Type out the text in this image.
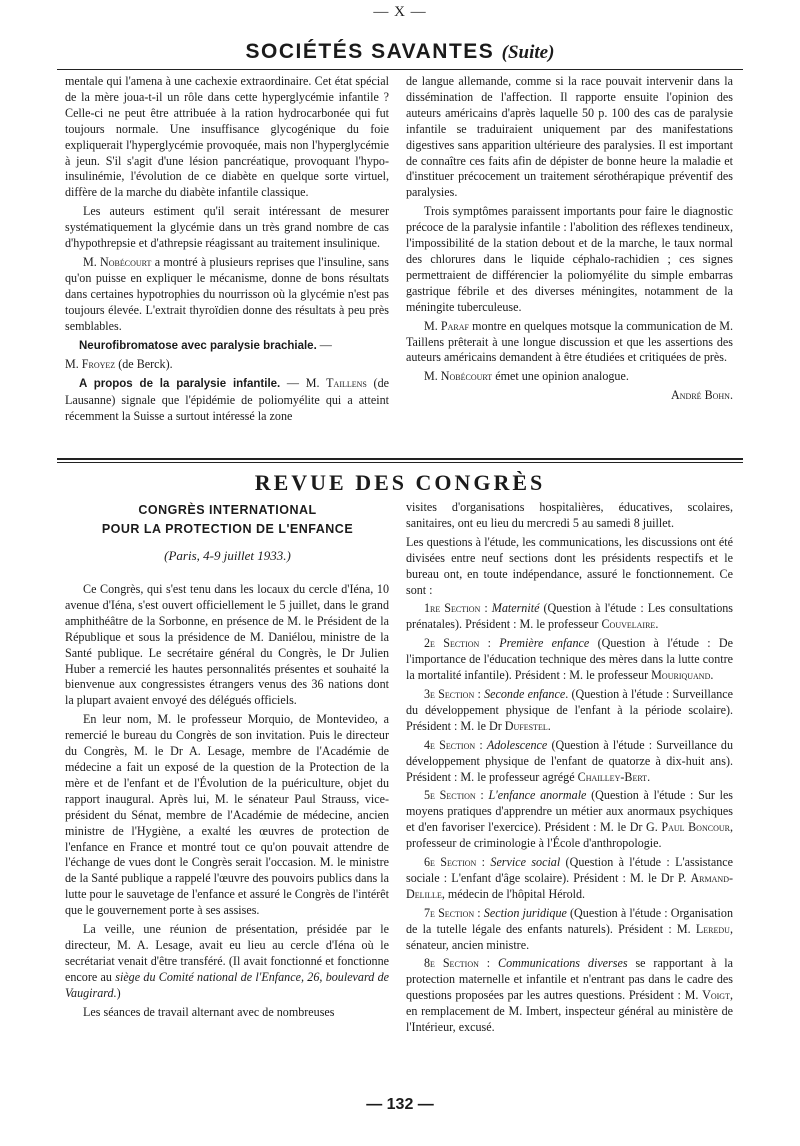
— X —
SOCIÉTÉS SAVANTES (Suite)

mentale qui l'amena à une cachexie extraordinaire. Cet état spécial de la mère joua-t-il un rôle dans cette hyperglycémie infantile ? Celle-ci ne peut être attribuée à la ration hydrocarbonée qui fut toujours normale. Une insuffisance glycogénique du foie expliquerait l'hyperglycémie provoquée, mais non l'hyperglycémie à jeun. S'il s'agit d'une lésion pancréatique, provoquant l'hypo-insulinémie, l'évolution de ce diabète en quelque sorte virtuel, diffère de la marche du diabète infantile classique.

Les auteurs estiment qu'il serait intéressant de mesurer systématiquement la glycémie dans un très grand nombre de cas d'hypothrepsie et d'athrepsie réagissant au traitement insulinique.

M. Nobécourt a montré à plusieurs reprises que l'insuline, sans qu'on puisse en expliquer le mécanisme, donne de bons résultats dans certaines hypotrophies du nourrisson où la glycémie n'est pas toujours élevée. L'extrait thyroïdien donne des résultats à peu près semblables.

Neurofibromatose avec paralysie brachiale. —

M. Froyez (de Berck).

A propos de la paralysie infantile. — M. Taillens (de Lausanne) signale que l'épidémie de poliomyélite qui a atteint récemment la Suisse a surtout intéressé la zone

de langue allemande, comme si la race pouvait intervenir dans la dissémination de l'affection. Il rapporte ensuite l'opinion des auteurs américains d'après laquelle 50 p. 100 des cas de paralysie infantile se traduiraient uniquement par des manifestations digestives sans apparition ultérieure des paralysies. Il est important de connaître ces faits afin de dépister de bonne heure la maladie et d'instituer précocement un traitement sérothérapique préventif des paralysies.

Trois symptômes paraissent importants pour faire le diagnostic précoce de la paralysie infantile : l'abolition des réflexes tendineux, l'impossibilité de la station debout et de la marche, le taux normal des chlorures dans le liquide céphalo-rachidien ; ces signes permettraient de différencier la poliomyélite du simple embarras gastrique fébrile et des diverses méningites, notamment de la méningite tuberculeuse.

M. Paraf montre en quelques motsque la communication de M. Taillens prêterait à une longue discussion et que les assertions des auteurs américains demandent à être étudiées et critiquées de près.

M. Nobécourt émet une opinion analogue.

André Bohn.

REVUE DES CONGRÈS
CONGRÈS INTERNATIONAL
POUR LA PROTECTION DE L'ENFANCE
(Paris, 4-9 juillet 1933.)

Ce Congrès, qui s'est tenu dans les locaux du cercle d'Iéna, 10 avenue d'Iéna, s'est ouvert officiellement le 5 juillet, dans le grand amphithéâtre de la Sorbonne, en présence de M. le Président de la République et sous la présidence de M. Daniélou, ministre de la Santé publique. Le secrétaire général du Congrès, le Dr Julien Huber a remercié les hautes personnalités présentes et souhaité la bienvenue aux congressistes étrangers venus des 36 nations dont la plupart avaient envoyé des délégués officiels.

En leur nom, M. le professeur Morquio, de Montevideo, a remercié le bureau du Congrès de son invitation. Puis le directeur du Congrès, M. le Dr A. Lesage, membre de l'Académie de médecine a fait un exposé de la question de la Protection de la mère et de l'enfant et de l'Évolution de la puériculture, objet du rapport inaugural. Après lui, M. le sénateur Paul Strauss, vice-président du Sénat, membre de l'Académie de médecine, ancien ministre de l'Hygiène, a exalté les œuvres de protection de l'enfance en France et montré tout ce qu'on pouvait attendre de l'échange de vues dont le Congrès serait l'occasion. M. le ministre de la Santé publique a rappelé l'œuvre des pouvoirs publics dans la lutte pour le sauvetage de l'enfance et assuré le Congrès de l'intérêt que le gouvernement porte à ses assises.

La veille, une réunion de présentation, présidée par le directeur, M. A. Lesage, avait eu lieu au cercle d'Iéna où le secrétariat venait d'être transféré. (Il avait fonctionné et fonctionne encore au siège du Comité national de l'Enfance, 26, boulevard de Vaugirard.)

Les séances de travail alternant avec de nombreuses

visites d'organisations hospitalières, éducatives, scolaires, sanitaires, ont eu lieu du mercredi 5 au samedi 8 juillet.

Les questions à l'étude, les communications, les discussions ont été divisées entre neuf sections dont les présidents respectifs et le bureau ont, en toute indépendance, assuré le fonctionnement. Ce sont :

1re Section : Maternité (Question à l'étude : Les consultations prénatales). Président : M. le professeur Couvelaire.

2e Section : Première enfance (Question à l'étude : De l'importance de l'éducation technique des mères dans la lutte contre la mortalité infantile). Président : M. le professeur Mouriquand.

3e Section : Seconde enfance. (Question à l'étude : Surveillance du développement physique de l'enfant à la période scolaire). Président : M. le Dr Dufestel.

4e Section : Adolescence (Question à l'étude : Surveillance du développement physique de l'enfant de quatorze à dix-huit ans). Président : M. le professeur agrégé Chailley-Bert.

5e Section : L'enfance anormale (Question à l'étude : Sur les moyens pratiques d'apprendre un métier aux anormaux psychiques et d'en favoriser l'exercice). Président : M. le Dr G. Paul Boncour, professeur de criminologie à l'École d'anthropologie.

6e Section : Service social (Question à l'étude : L'assistance sociale : L'enfant d'âge scolaire). Président : M. le Dr P. Armand-Delille, médecin de l'hôpital Hérold.

7e Section : Section juridique (Question à l'étude : Organisation de la tutelle légale des enfants naturels). Président : M. Leredu, sénateur, ancien ministre.

8e Section : Communications diverses se rapportant à la protection maternelle et infantile et n'entrant pas dans le cadre des questions proposées par les autres questions. Président : M. Voigt, en remplacement de M. Imbert, inspecteur général au ministère de l'Intérieur, excusé.

— 132 —
